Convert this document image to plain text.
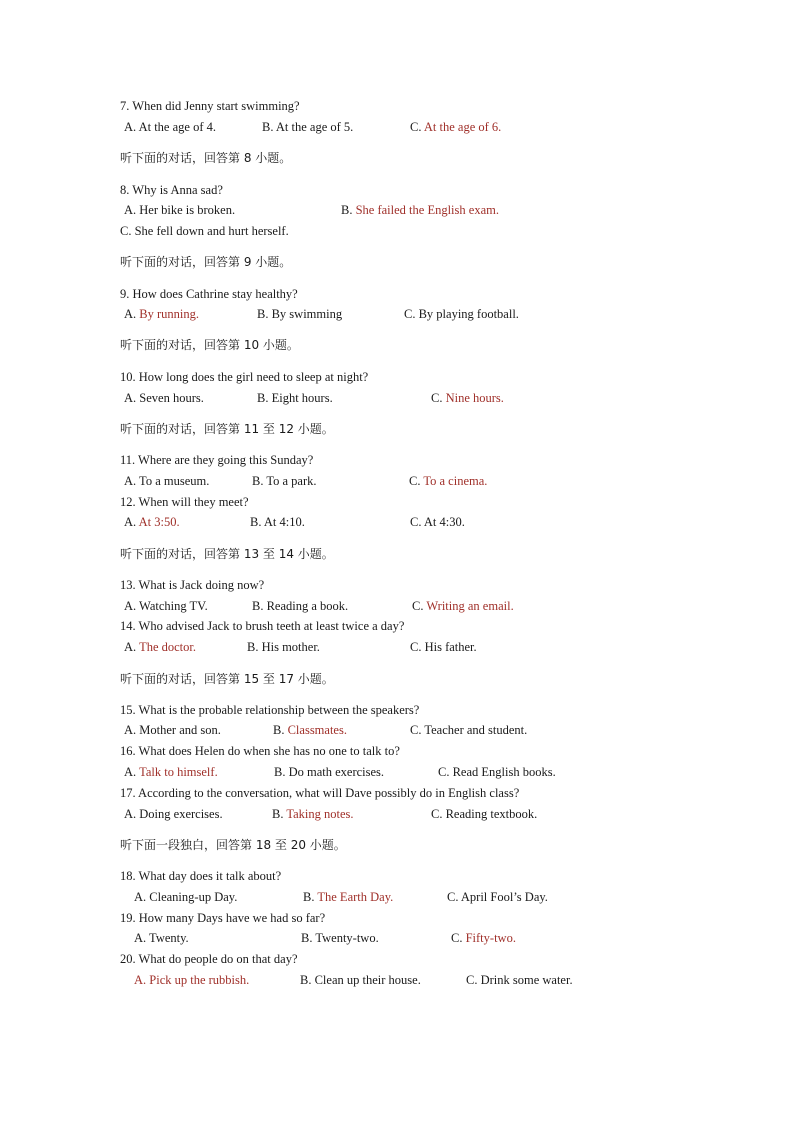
7. When did Jenny start swimming?
A. At the age of 4.	B. At the age of 5.	C. At the age of 6.
听下面的对话，回答第 8 小题。
8. Why is Anna sad?
A. Her bike is broken.	B. She failed the English exam.
C. She fell down and hurt herself.
听下面的对话，回答第 9 小题。
9. How does Cathrine stay healthy?
A. By running.	B. By swimming	C. By playing football.
听下面的对话，回答第 10 小题。
10. How long does the girl need to sleep at night?
A. Seven hours.	B. Eight hours.	C. Nine hours.
听下面的对话，回答第 11 至 12 小题。
11. Where are they going this Sunday?
A. To a museum.	B. To a park.	C. To a cinema.
12. When will they meet?
A. At 3:50.	B. At 4:10.	C. At 4:30.
听下面的对话，回答第 13 至 14 小题。
13. What is Jack doing now?
A. Watching TV.	B. Reading a book.	C. Writing an email.
14. Who advised Jack to brush teeth at least twice a day?
A. The doctor.	B. His mother.	C. His father.
听下面的对话，回答第 15 至 17 小题。
15. What is the probable relationship between the speakers?
A. Mother and son.	B. Classmates.	C. Teacher and student.
16. What does Helen do when she has no one to talk to?
A. Talk to himself.	B. Do math exercises.	C. Read English books.
17. According to the conversation, what will Dave possibly do in English class?
A. Doing exercises.	B. Taking notes.	C. Reading textbook.
听下面一段独白，回答第 18 至 20 小题。
18. What day does it talk about?
A. Cleaning-up Day.	B. The Earth Day.	C. April Fool’s Day.
19. How many Days have we had so far?
A. Twenty.	B. Twenty-two.	C. Fifty-two.
20. What do people do on that day?
A. Pick up the rubbish.	B. Clean up their house.	C. Drink some water.
